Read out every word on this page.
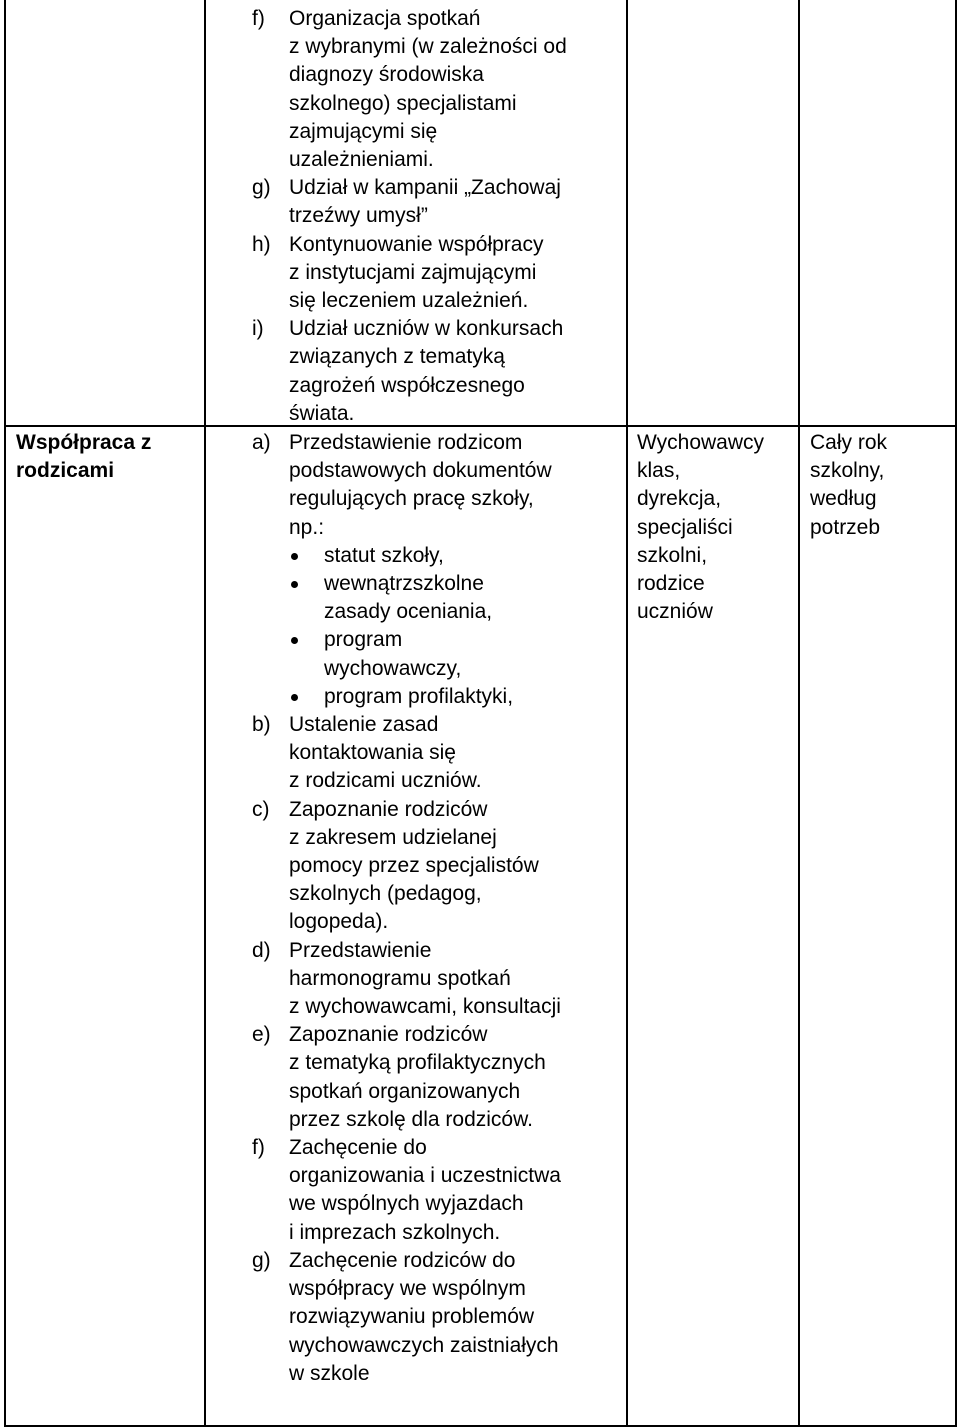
f) Organizacja spotkań
z wybranymi (w zależności od
diagnozy środowiska
szkolnego) specjalistami
zajmującymi się
uzależnieniami.
g) Udział w kampanii „Zachowaj
trzeźwy umysł”
h) Kontynuowanie współpracy
z instytucjami zajmującymi
się leczeniem uzależnień.
i) Udział uczniów w konkursach
związanych z tematyką
zagrożeń współczesnego
świata.
Współpraca z
rodzicami
a) Przedstawienie rodzicom
podstawowych dokumentów
regulujących pracę szkoły,
np.:
statut szkoły,
wewnątrzszkolne
zasady oceniania,
program
wychowawczy,
program profilaktyki,
b) Ustalenie zasad
kontaktowania się
z rodzicami uczniów.
c) Zapoznanie rodziców
z zakresem udzielanej
pomocy przez specjalistów
szkolnych (pedagog,
logopeda).
d) Przedstawienie
harmonogramu spotkań
z wychowawcami, konsultacji
e) Zapoznanie rodziców
z tematyką profilaktycznych
spotkań organizowanych
przez szkolę dla rodziców.
f) Zachęcenie do
organizowania i uczestnictwa
we wspólnych wyjazdach
i imprezach szkolnych.
g) Zachęcenie rodziców do
współpracy we wspólnym
rozwiązywaniu problemów
wychowawczych zaistniałych
w szkole
Wychowawcy
klas,
dyrekcja,
specjaliści
szkolni,
rodzice
uczniów
Cały rok
szkolny,
według
potrzeb
